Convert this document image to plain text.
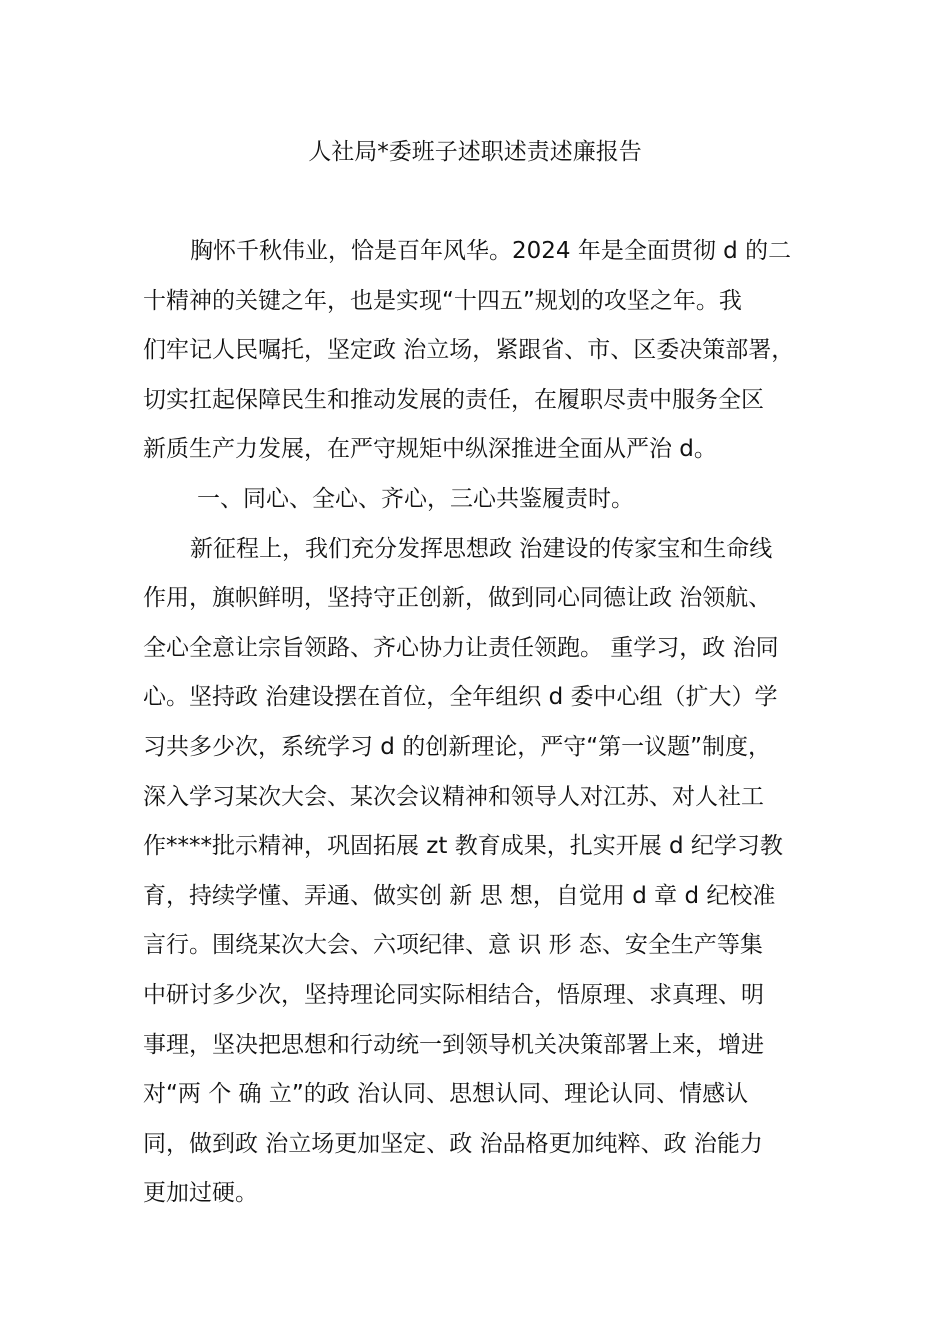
人社局*委班子述职述责述廉报告

胸怀千秋伟业，恰是百年风华。2024 年是全面贯彻 d 的二

十精神的关键之年，也是实现“十四五”规划的攻坚之年。我

们牢记人民嘱托，坚定政 治立场，紧跟省、市、区委决策部署，

切实扛起保障民生和推动发展的责任，在履职尽责中服务全区

新质生产力发展，在严守规矩中纵深推进全面从严治 d。

一、同心、全心、齐心，三心共鉴履责时。

新征程上，我们充分发挥思想政 治建设的传家宝和生命线

作用，旗帜鲜明，坚持守正创新，做到同心同德让政 治领航、

全心全意让宗旨领路、齐心协力让责任领跑。 重学习，政 治同

心。坚持政 治建设摆在首位，全年组织 d 委中心组（扩大）学

习共多少次，系统学习 d 的创新理论，严守“第一议题”制度，

深入学习某次大会、某次会议精神和领导人对江苏、对人社工

作****批示精神，巩固拓展 zt 教育成果，扎实开展 d 纪学习教

育，持续学懂、弄通、做实创 新 思 想，自觉用 d 章 d 纪校准

言行。围绕某次大会、六项纪律、意 识 形 态、安全生产等集

中研讨多少次，坚持理论同实际相结合，悟原理、求真理、明

事理，坚决把思想和行动统一到领导机关决策部署上来，增进

对“两 个 确 立”的政 治认同、思想认同、理论认同、情感认

同，做到政 治立场更加坚定、政 治品格更加纯粹、政 治能力

更加过硬。
